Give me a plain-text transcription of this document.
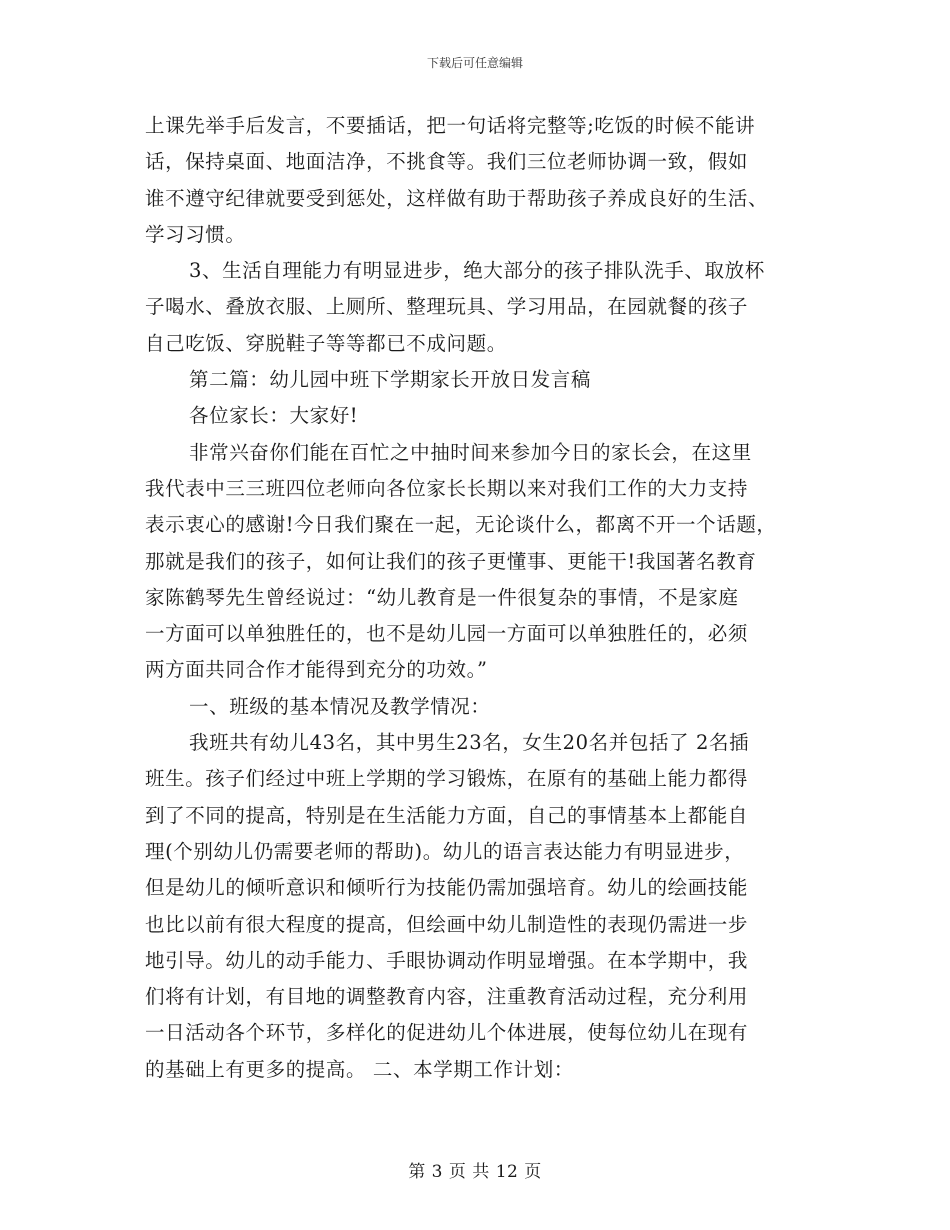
下载后可任意编辑
上课先举手后发言，不要插话，把一句话将完整等;吃饭的时候不能讲
话，保持桌面、地面洁净，不挑食等。我们三位老师协调一致，假如
谁不遵守纪律就要受到惩处，这样做有助于帮助孩子养成良好的生活、
学习习惯。
3、生活自理能力有明显进步，绝大部分的孩子排队洗手、取放杯
子喝水、叠放衣服、上厕所、整理玩具、学习用品，在园就餐的孩子
自己吃饭、穿脱鞋子等等都已不成问题。
第二篇：幼儿园中班下学期家长开放日发言稿
各位家长：大家好!
非常兴奋你们能在百忙之中抽时间来参加今日的家长会，在这里
我代表中三三班四位老师向各位家长长期以来对我们工作的大力支持
表示衷心的感谢!今日我们聚在一起，无论谈什么，都离不开一个话题，
那就是我们的孩子，如何让我们的孩子更懂事、更能干!我国著名教育
家陈鹤琴先生曾经说过：“幼儿教育是一件很复杂的事情，不是家庭
一方面可以单独胜任的，也不是幼儿园一方面可以单独胜任的，必须
两方面共同合作才能得到充分的功效。”
一、班级的基本情况及教学情况：
我班共有幼儿43名，其中男生23名，女生20名并包括了 2名插
班生。孩子们经过中班上学期的学习锻炼，在原有的基础上能力都得
到了不同的提高，特别是在生活能力方面，自己的事情基本上都能自
理(个别幼儿仍需要老师的帮助)。幼儿的语言表达能力有明显进步，
但是幼儿的倾听意识和倾听行为技能仍需加强培育。幼儿的绘画技能
也比以前有很大程度的提高，但绘画中幼儿制造性的表现仍需进一步
地引导。幼儿的动手能力、手眼协调动作明显增强。在本学期中，我
们将有计划，有目地的调整教育内容，注重教育活动过程，充分利用
一日活动各个环节，多样化的促进幼儿个体进展，使每位幼儿在现有
的基础上有更多的提高。 二、本学期工作计划：
第 3 页 共 12 页
